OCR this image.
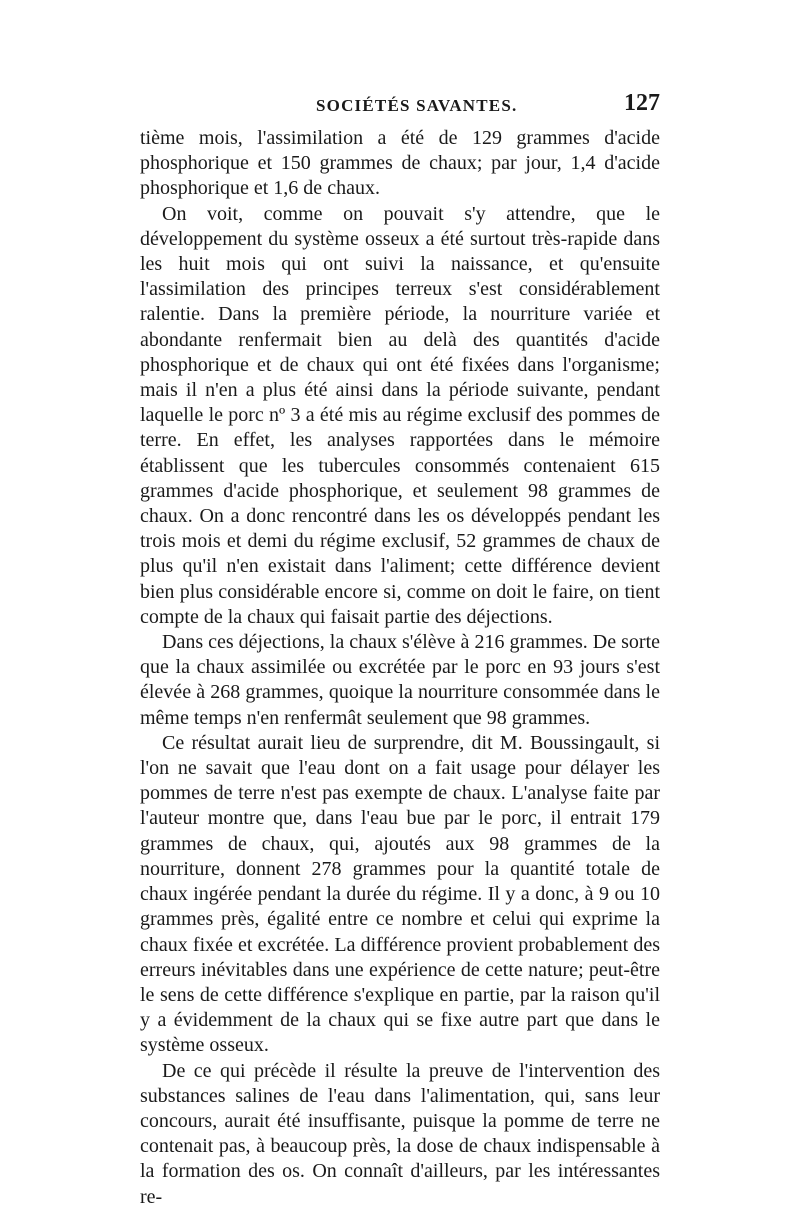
SOCIÉTÉS SAVANTES.	127

tième mois, l'assimilation a été de 129 grammes d'acide phosphorique et 150 grammes de chaux; par jour, 1,4 d'acide phosphorique et 1,6 de chaux.

On voit, comme on pouvait s'y attendre, que le développement du système osseux a été surtout très-rapide dans les huit mois qui ont suivi la naissance, et qu'ensuite l'assimilation des principes terreux s'est considérablement ralentie. Dans la première période, la nourriture variée et abondante renfermait bien au delà des quantités d'acide phosphorique et de chaux qui ont été fixées dans l'organisme; mais il n'en a plus été ainsi dans la période suivante, pendant laquelle le porc nº 3 a été mis au régime exclusif des pommes de terre. En effet, les analyses rapportées dans le mémoire établissent que les tubercules consommés contenaient 615 grammes d'acide phosphorique, et seulement 98 grammes de chaux. On a donc rencontré dans les os développés pendant les trois mois et demi du régime exclusif, 52 grammes de chaux de plus qu'il n'en existait dans l'aliment; cette différence devient bien plus considérable encore si, comme on doit le faire, on tient compte de la chaux qui faisait partie des déjections.

Dans ces déjections, la chaux s'élève à 216 grammes. De sorte que la chaux assimilée ou excrétée par le porc en 93 jours s'est élevée à 268 grammes, quoique la nourriture consommée dans le même temps n'en renfermât seulement que 98 grammes.

Ce résultat aurait lieu de surprendre, dit M. Boussingault, si l'on ne savait que l'eau dont on a fait usage pour délayer les pommes de terre n'est pas exempte de chaux. L'analyse faite par l'auteur montre que, dans l'eau bue par le porc, il entrait 179 grammes de chaux, qui, ajoutés aux 98 grammes de la nourriture, donnent 278 grammes pour la quantité totale de chaux ingérée pendant la durée du régime. Il y a donc, à 9 ou 10 grammes près, égalité entre ce nombre et celui qui exprime la chaux fixée et excrétée. La différence provient probablement des erreurs inévitables dans une expérience de cette nature; peut-être le sens de cette différence s'explique en partie, par la raison qu'il y a évidemment de la chaux qui se fixe autre part que dans le système osseux.

De ce qui précède il résulte la preuve de l'intervention des substances salines de l'eau dans l'alimentation, qui, sans leur concours, aurait été insuffisante, puisque la pomme de terre ne contenait pas, à beaucoup près, la dose de chaux indispensable à la formation des os. On connaît d'ailleurs, par les intéressantes re-
